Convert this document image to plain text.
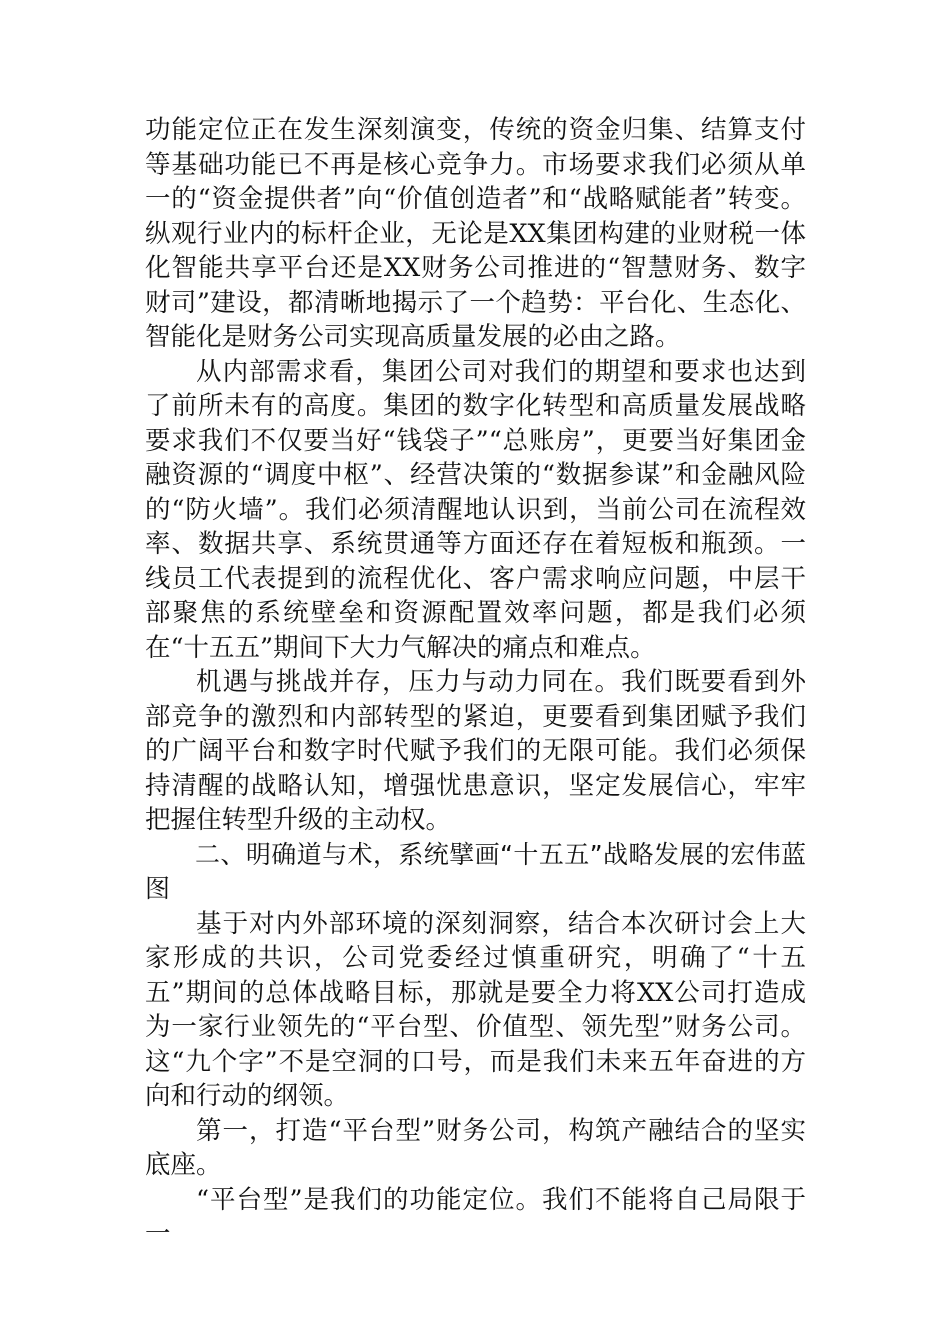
功能定位正在发生深刻演变，传统的资金归集、结算支付等基础功能已不再是核心竞争力。市场要求我们必须从单一的“资金提供者”向“价值创造者”和“战略赋能者”转变。纵观行业内的标杆企业，无论是XX集团构建的业财税一体化智能共享平台还是XX财务公司推进的“智慧财务、数字财司”建设，都清晰地揭示了一个趋势：平台化、生态化、智能化是财务公司实现高质量发展的必由之路。

从内部需求看，集团公司对我们的期望和要求也达到了前所未有的高度。集团的数字化转型和高质量发展战略要求我们不仅要当好“钱袋子”“总账房”，更要当好集团金融资源的“调度中枢”、经营决策的“数据参谋”和金融风险的“防火墙”。我们必须清醒地认识到，当前公司在流程效率、数据共享、系统贯通等方面还存在着短板和瓶颈。一线员工代表提到的流程优化、客户需求响应问题，中层干部聚焦的系统壁垒和资源配置效率问题，都是我们必须在“十五五”期间下大力气解决的痛点和难点。

机遇与挑战并存，压力与动力同在。我们既要看到外部竞争的激烈和内部转型的紧迫，更要看到集团赋予我们的广阔平台和数字时代赋予我们的无限可能。我们必须保持清醒的战略认知，增强忧患意识，坚定发展信心，牢牢把握住转型升级的主动权。

二、明确道与术，系统擘画“十五五”战略发展的宏伟蓝图

基于对内外部环境的深刻洞察，结合本次研讨会上大家形成的共识，公司党委经过慎重研究，明确了“十五五”期间的总体战略目标，那就是要全力将XX公司打造成为一家行业领先的“平台型、价值型、领先型”财务公司。这“九个字”不是空洞的口号，而是我们未来五年奋进的方向和行动的纲领。

第一，打造“平台型”财务公司，构筑产融结合的坚实底座。

“平台型”是我们的功能定位。我们不能将自己局限于一
